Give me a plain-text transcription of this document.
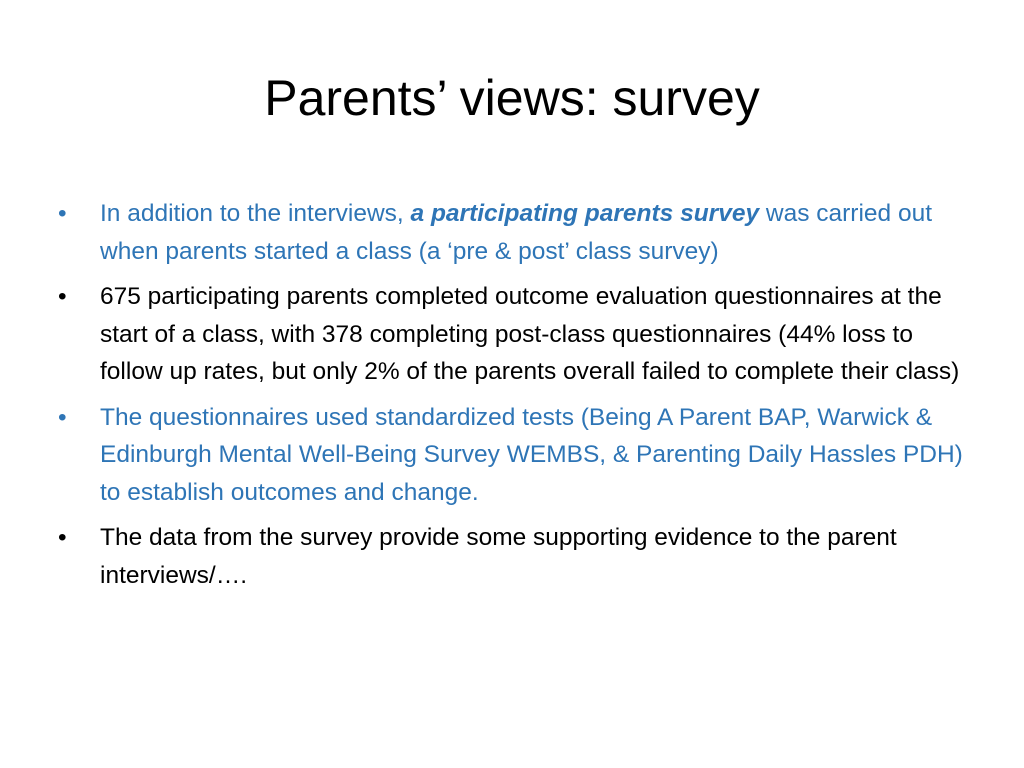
Parents’ views: survey
•	In addition to the interviews, a participating parents survey was carried out when parents started a class (a ‘pre & post’ class survey)
•	675 participating parents completed outcome evaluation questionnaires at the start of a class, with 378 completing post-class questionnaires (44% loss to follow up rates, but only 2% of the parents overall failed to complete their class)
•	The questionnaires used standardized tests (Being A Parent BAP, Warwick & Edinburgh Mental Well-Being Survey WEMBS, & Parenting Daily Hassles PDH) to establish outcomes and change.
•	The data from the survey provide some supporting evidence to the parent interviews/….
